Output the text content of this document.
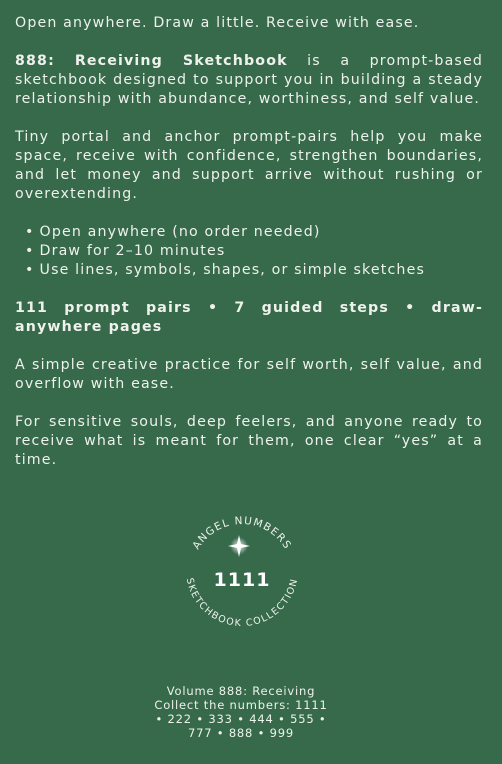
Open anywhere. Draw a little. Receive with ease.

888: Receiving Sketchbook is a prompt-based sketchbook designed to support you in building a steady relationship with abundance, worthiness, and self value.

Tiny portal and anchor prompt-pairs help you make space, receive with confidence, strengthen boundaries, and let money and support arrive without rushing or overextending.

• Open anywhere (no order needed)
• Draw for 2–10 minutes
• Use lines, symbols, shapes, or simple sketches

111 prompt pairs • 7 guided steps • draw-anywhere pages

A simple creative practice for self worth, self value, and overflow with ease.

For sensitive souls, deep feelers, and anyone ready to receive what is meant for them, one clear “yes” at a time.

ANGEL NUMBERS
SKETCHBOOK COLLECTION
1111
Volume 888: Receiving
Collect the numbers: 1111
• 222 • 333 • 444 • 555 •
777 • 888 • 999
